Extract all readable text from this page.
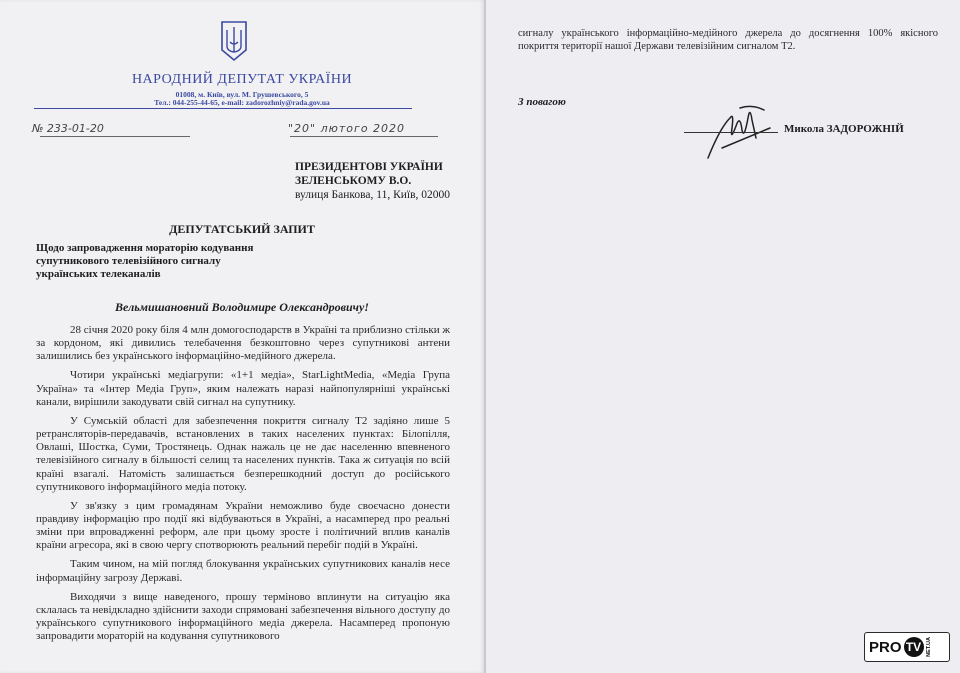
НАРОДНИЙ ДЕПУТАТ УКРАЇНИ
01008, м. Київ, вул. М. Грушевського, 5
Тел.: 044-255-44-65, e-mail: zadorozhniy@rada.gov.ua
№ 233-01-20	"20" лютого 2020
ПРЕЗИДЕНТОВІ УКРАЇНИ
ЗЕЛЕНСЬКОМУ В.О.
вулиця Банкова, 11, Київ, 02000
ДЕПУТАТСЬКИЙ ЗАПИТ
Щодо запровадження мораторію кодування
супутникового телевізійного сигналу
українських телеканалів
Вельмишановний Володимире Олександровичу!

28 січня 2020 року біля 4 млн домогосподарств в Україні та приблизно стільки ж за кордоном, які дивились телебачення безкоштовно через супутникові антени залишились без українського інформаційно-медійного джерела.

Чотири українські медіагрупи: «1+1 медіа», StarLightMedia, «Медіа Група Україна» та «Інтер Медіа Груп», яким належать наразі найпопулярніші українські канали, вирішили закодувати свій сигнал на супутнику.

У Сумській області для забезпечення покриття сигналу Т2 задіяно лише 5 ретрансляторів-передавачів, встановлених в таких населених пунктах: Білопілля, Овлаші, Шостка, Суми, Тростянець. Однак нажаль це не дає населенню впевненого телевізійного сигналу в більшості селищ та населених пунктів. Така ж ситуація по всій країні взагалі. Натомість залишається безперешкодний доступ до російського супутникового інформаційного медіа потоку.

У зв'язку з цим громадянам України неможливо буде своєчасно донести правдиву інформацію про події які відбуваються в Україні, а насамперед про реальні зміни при впровадженні реформ, але при цьому зросте і політичний вплив каналів країни агресора, які в свою чергу спотворюють реальний перебіг подій в Україні.

Таким чином, на мій погляд блокування українських супутникових каналів несе інформаційну загрозу Державі.

Виходячи з вище наведеного, прошу терміново вплинути на ситуацію яка склалась та невідкладно здійснити заходи спрямовані забезпечення вільного доступу до українського супутникового інформаційного медіа джерела. Насамперед пропоную запровадити мораторій на кодування супутникового

сигналу українського інформаційно-медійного джерела до досягнення 100% якісного покриття території нашої Держави телевізійним сигналом Т2.
З повагою
Микола ЗАДОРОЖНІЙ
PRO TV NET.UA
